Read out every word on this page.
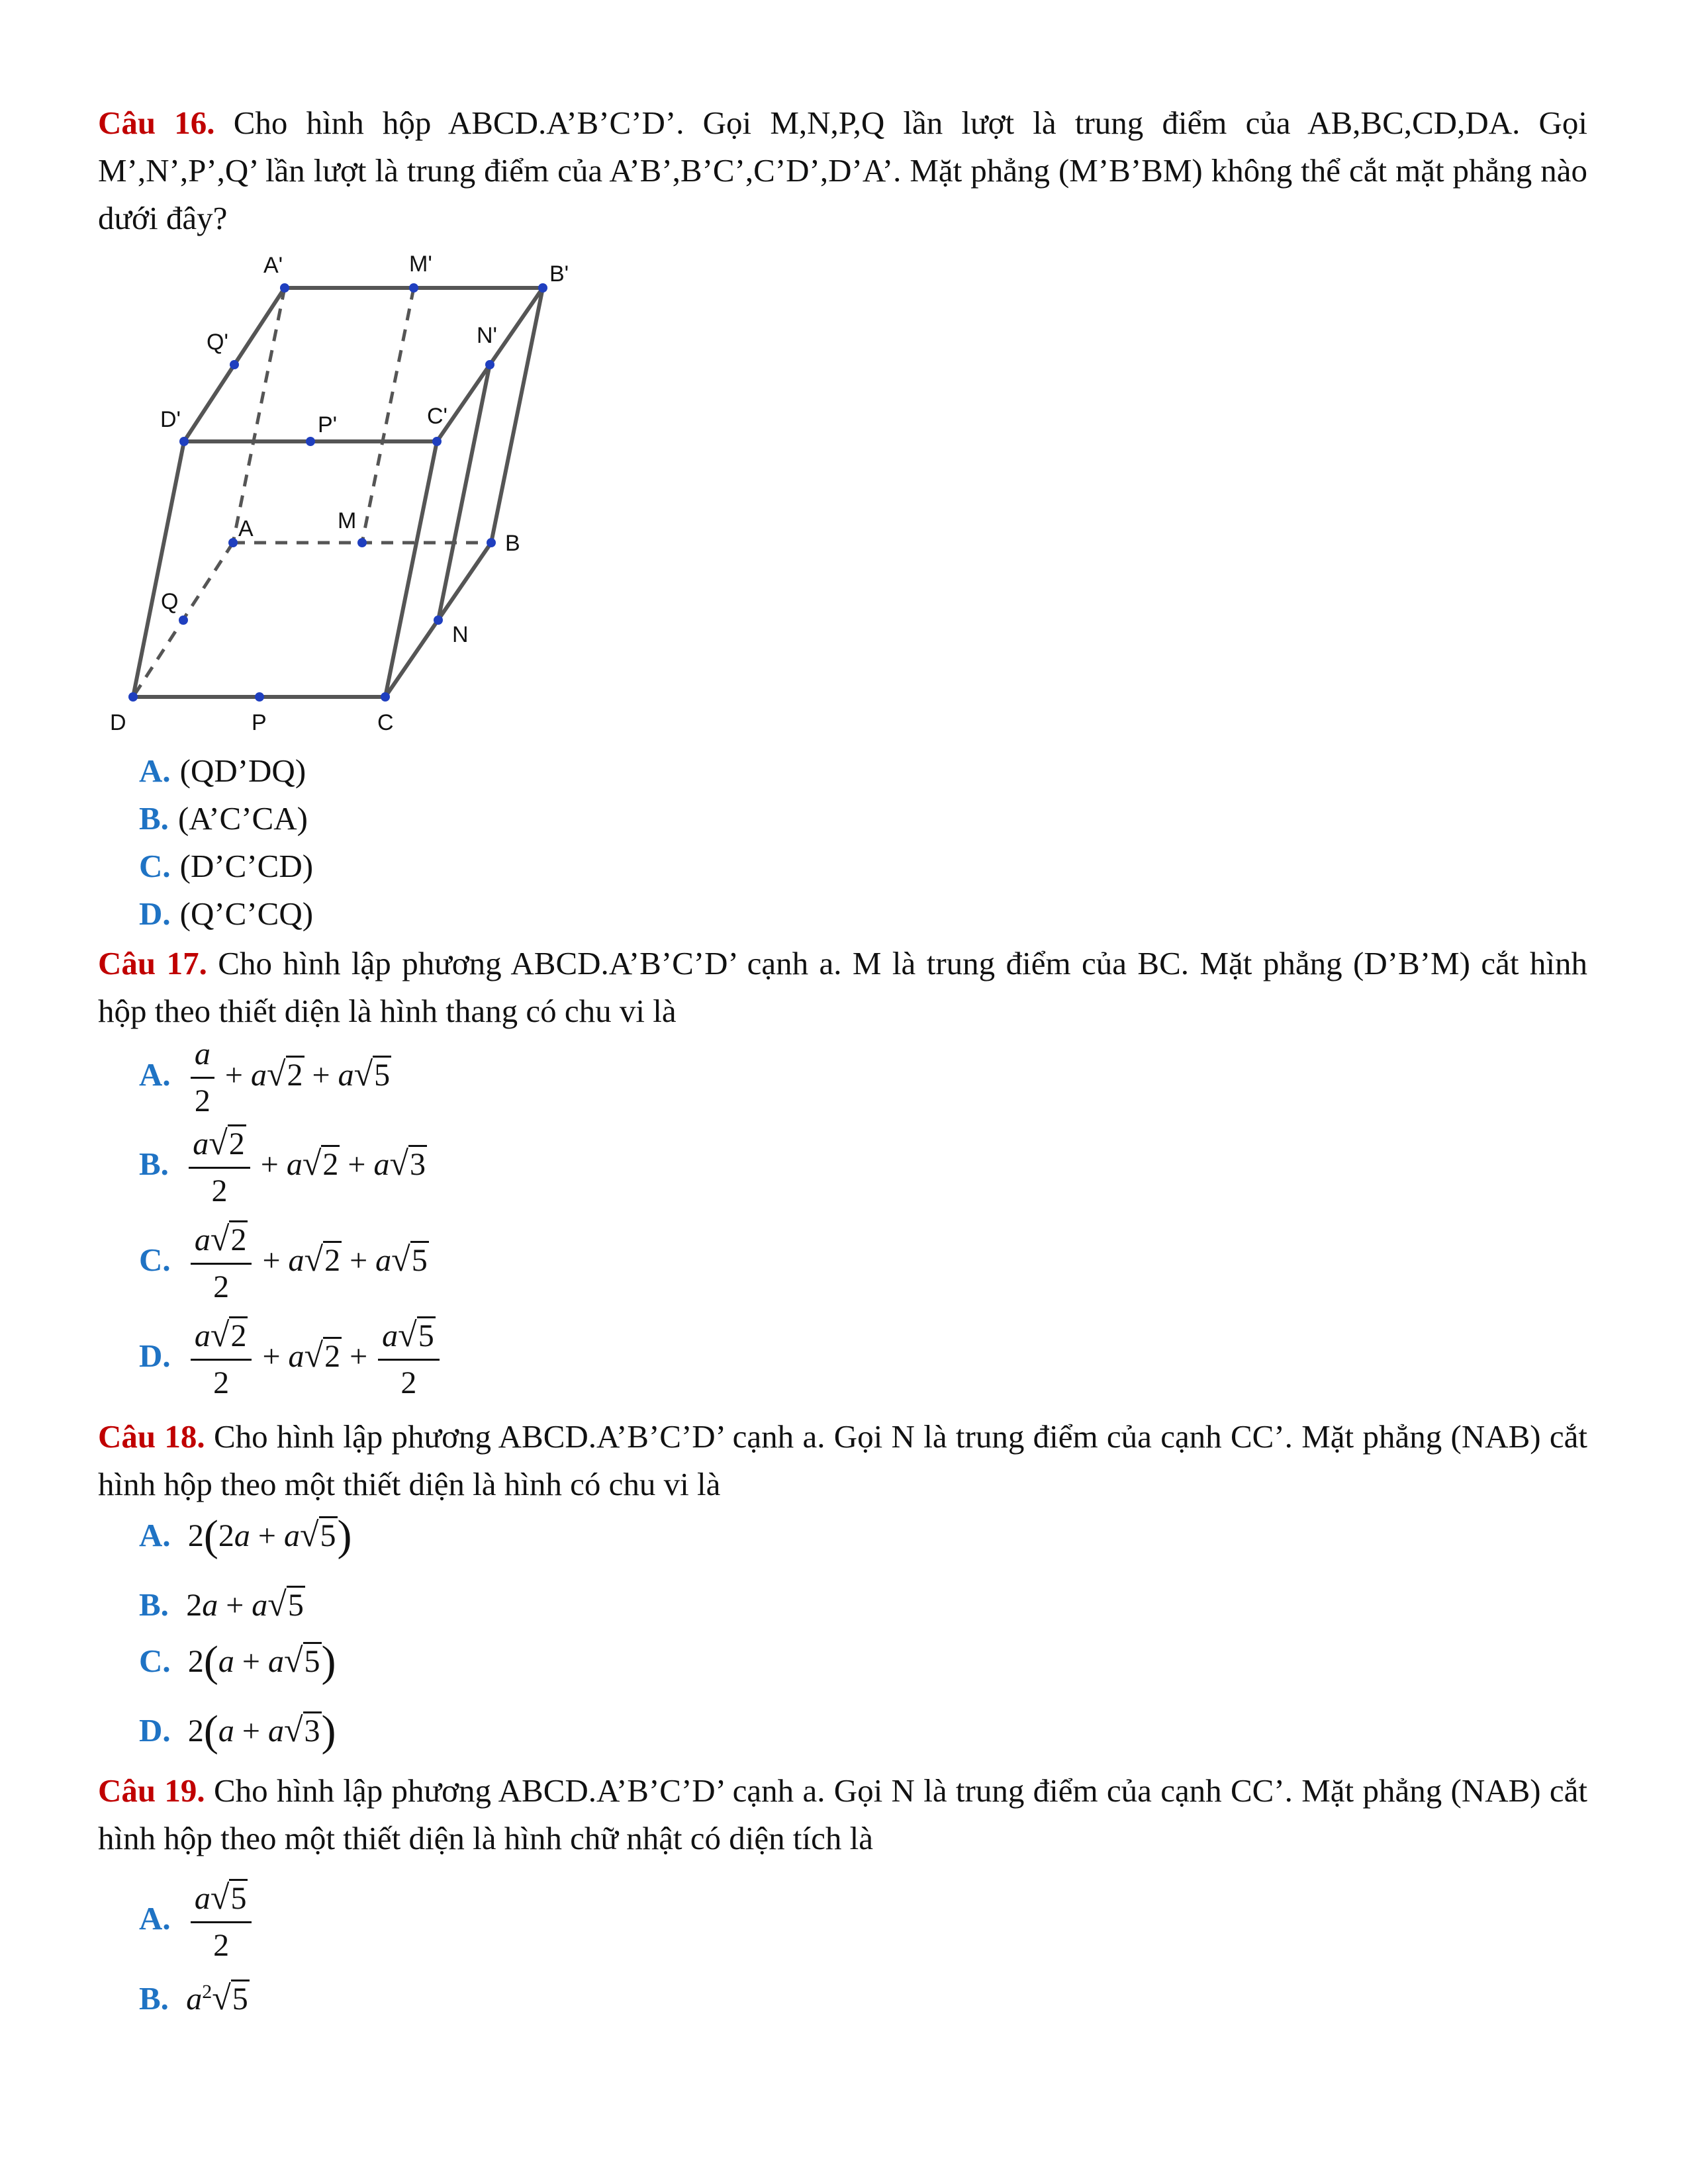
Câu 16. Cho hình hộp ABCD.A’B’C’D’. Gọi M,N,P,Q lần lượt là trung điểm của AB,BC,CD,DA. Gọi M’,N’,P’,Q’ lần lượt là trung điểm của A’B’,B’C’,C’D’,D’A’. Mặt phẳng (M’B’BM) không thể cắt mặt phẳng nào dưới đây?
A'	M'	B'
Q'	N'
D'	P'	C'
A	M
B
Q
N
D	P	C
A. (QD’DQ)
B. (A’C’CA)
C. (D’C’CD)
D. (Q’C’CQ)
Câu 17. Cho hình lập phương ABCD.A’B’C’D’ cạnh a. M là trung điểm của BC. Mặt phẳng (D’B’M) cắt hình hộp theo thiết diện là hình thang có chu vi là
A. $\frac{a}{2} + a√2 + a√5$
B. $\frac{a√2}{2} + a√2 + a√3$
C. $\frac{a√2}{2} + a√2 + a√5$
D. $\frac{a√2}{2} + a√2 + \frac{a√5}{2}$
Câu 18. Cho hình lập phương ABCD.A’B’C’D’ cạnh a. Gọi N là trung điểm của cạnh CC’. Mặt phẳng (NAB) cắt hình hộp theo một thiết diện là hình có chu vi là
A. 2(2a + a√5)
B. 2a + a√5
C. 2(a + a√5)
D. 2(a + a√3)
Câu 19. Cho hình lập phương ABCD.A’B’C’D’ cạnh a. Gọi N là trung điểm của cạnh CC’. Mặt phẳng (NAB) cắt hình hộp theo một thiết diện là hình chữ nhật có diện tích là
A. $\frac{a√5}{2}$
B. $a^2√5$
